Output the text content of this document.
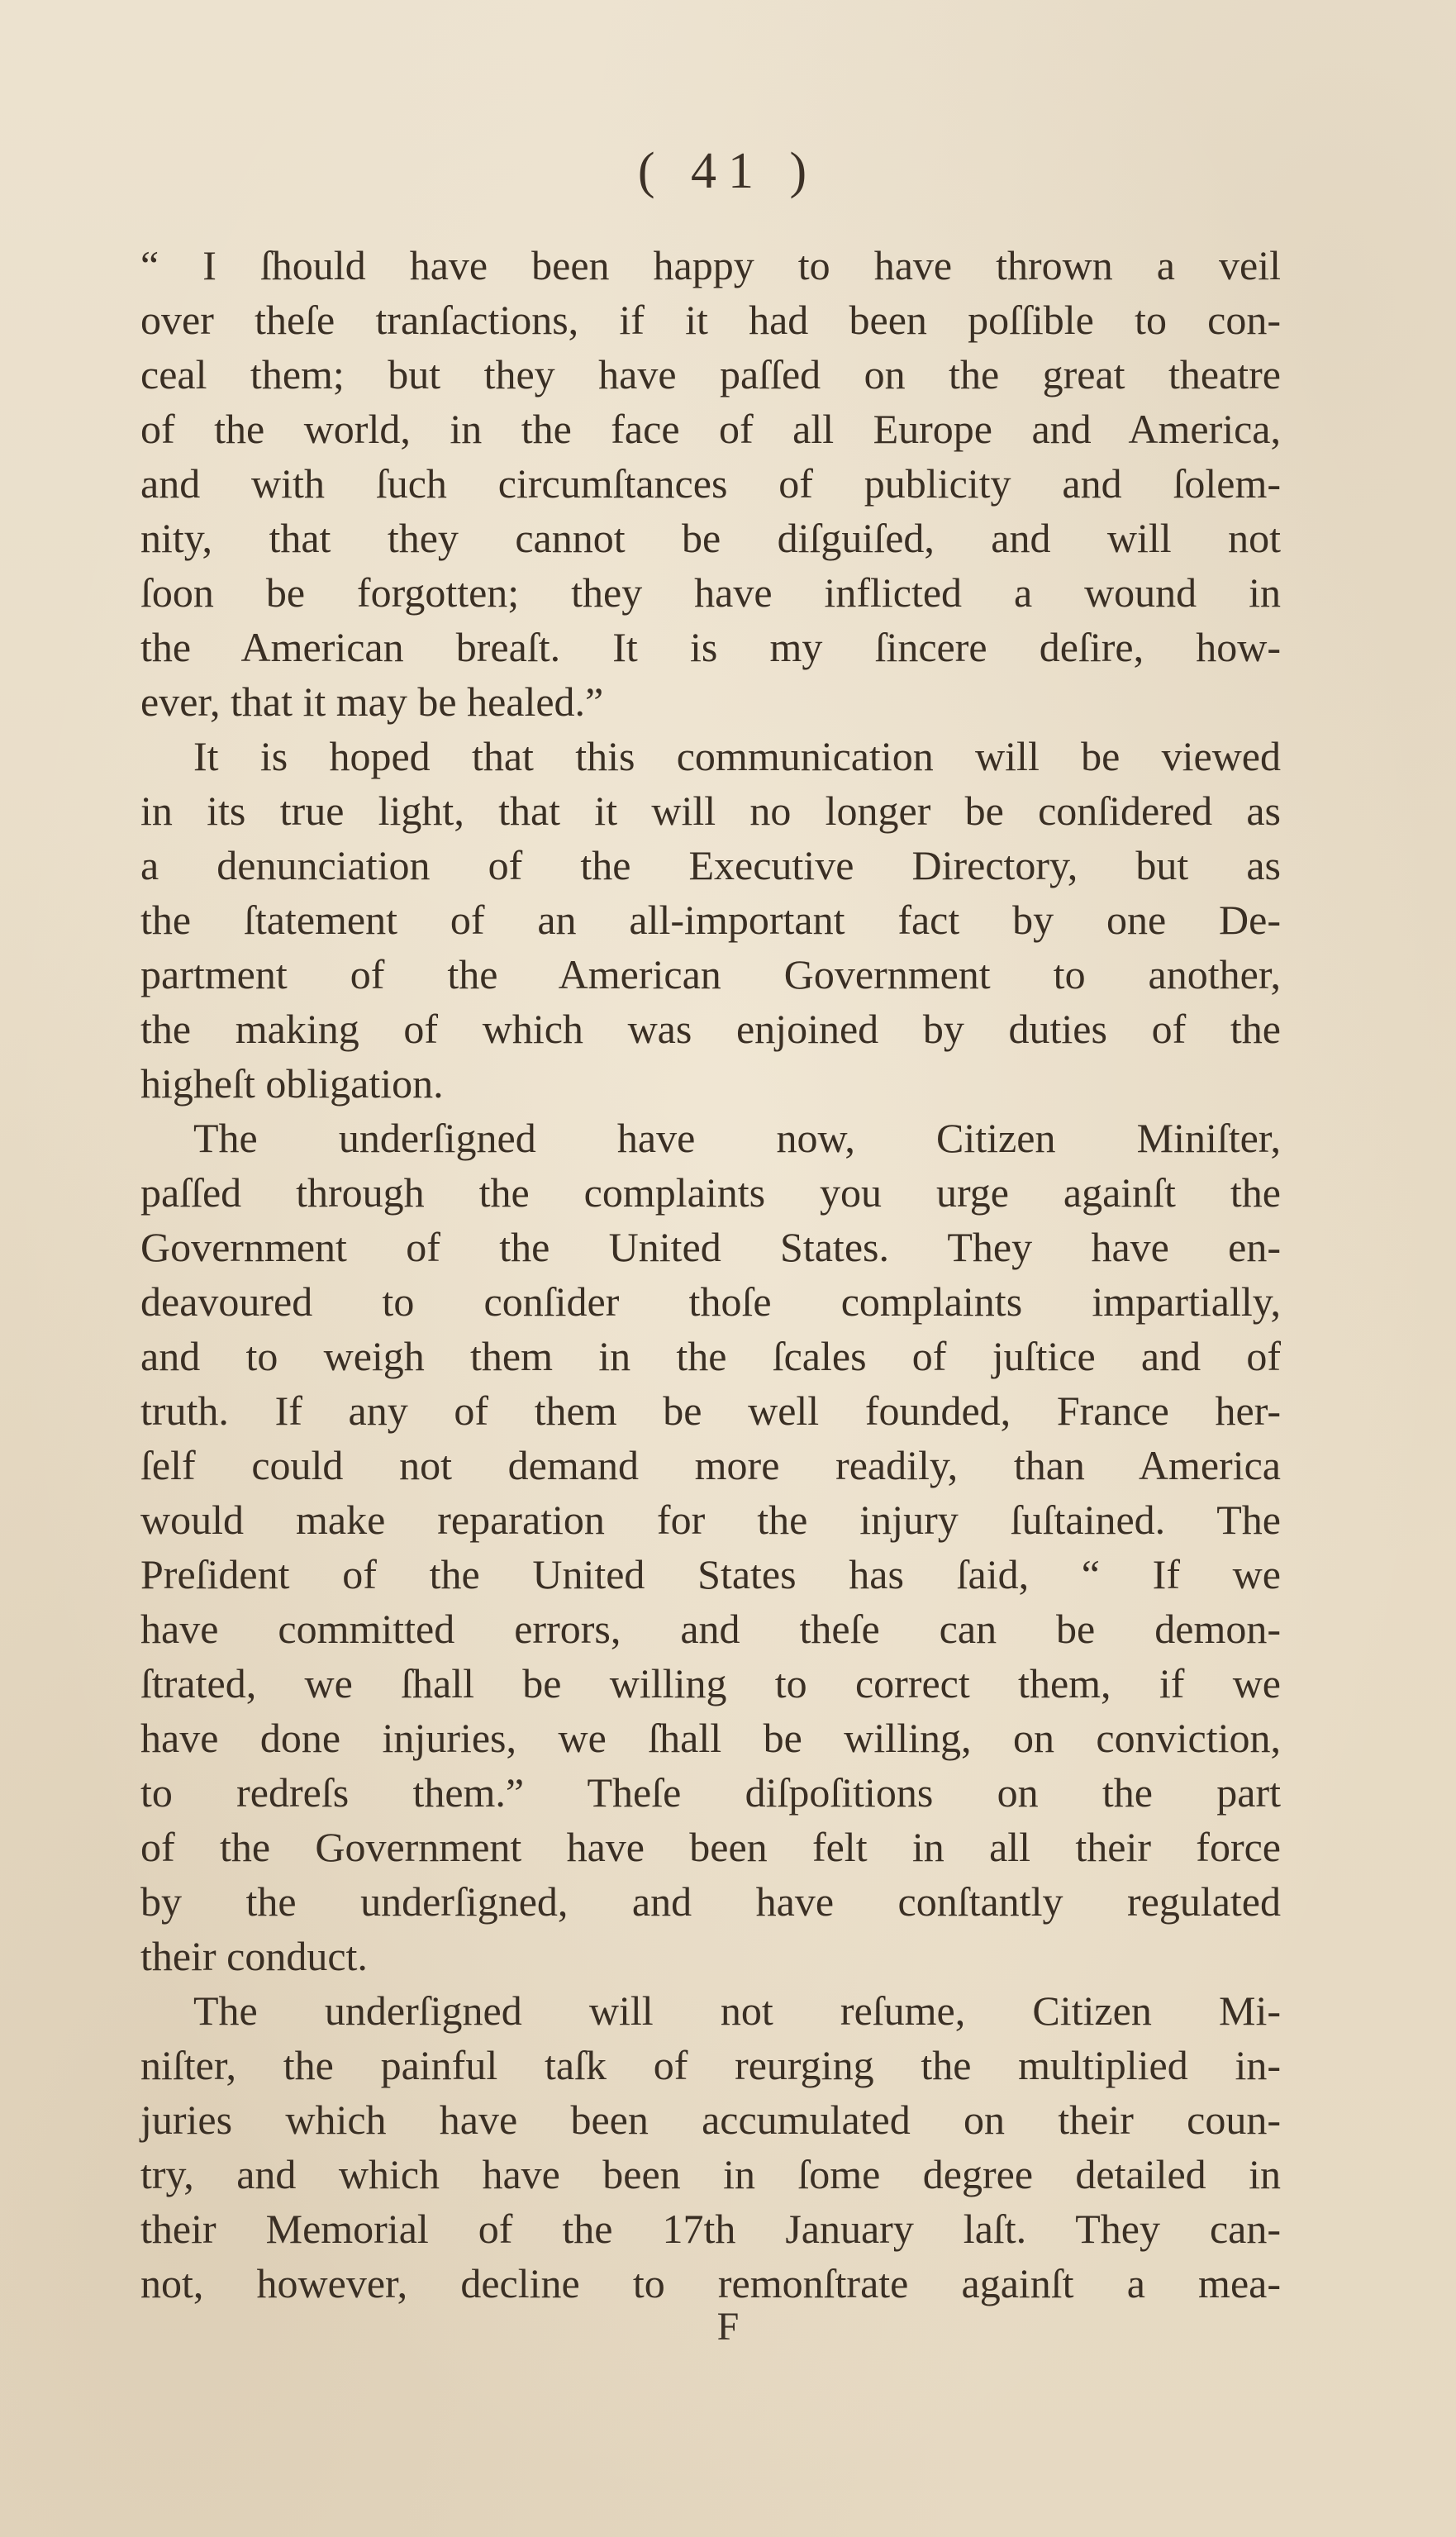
( 41 )
“ I ſhould have been happy to have thrown a veil
over theſe tranſactions, if it had been poſſible to con-
ceal them; but they have paſſed on the great theatre
of the world, in the face of all Europe and America,
and with ſuch circumſtances of publicity and ſolem-
nity, that they cannot be diſguiſed, and will not
ſoon be forgotten; they have inflicted a wound in
the American breaſt. It is my ſincere deſire, how-
ever, that it may be healed.”
It is hoped that this communication will be viewed
in its true light, that it will no longer be conſidered as
a denunciation of the Executive Directory, but as
the ſtatement of an all-important fact by one De-
partment of the American Government to another,
the making of which was enjoined by duties of the
higheſt obligation.
The underſigned have now, Citizen Miniſter,
paſſed through the complaints you urge againſt the
Government of the United States. They have en-
deavoured to conſider thoſe complaints impartially,
and to weigh them in the ſcales of juſtice and of
truth. If any of them be well founded, France her-
ſelf could not demand more readily, than America
would make reparation for the injury ſuſtained. The
Preſident of the United States has ſaid, “ If we
have committed errors, and theſe can be demon-
ſtrated, we ſhall be willing to correct them, if we
have done injuries, we ſhall be willing, on conviction,
to redreſs them.” Theſe diſpoſitions on the part
of the Government have been felt in all their force
by the underſigned, and have conſtantly regulated
their conduct.
The underſigned will not reſume, Citizen Mi-
niſter, the painful taſk of reurging the multiplied in-
juries which have been accumulated on their coun-
try, and which have been in ſome degree detailed in
their Memorial of the 17th January laſt. They can-
not, however, decline to remonſtrate againſt a mea-
F
